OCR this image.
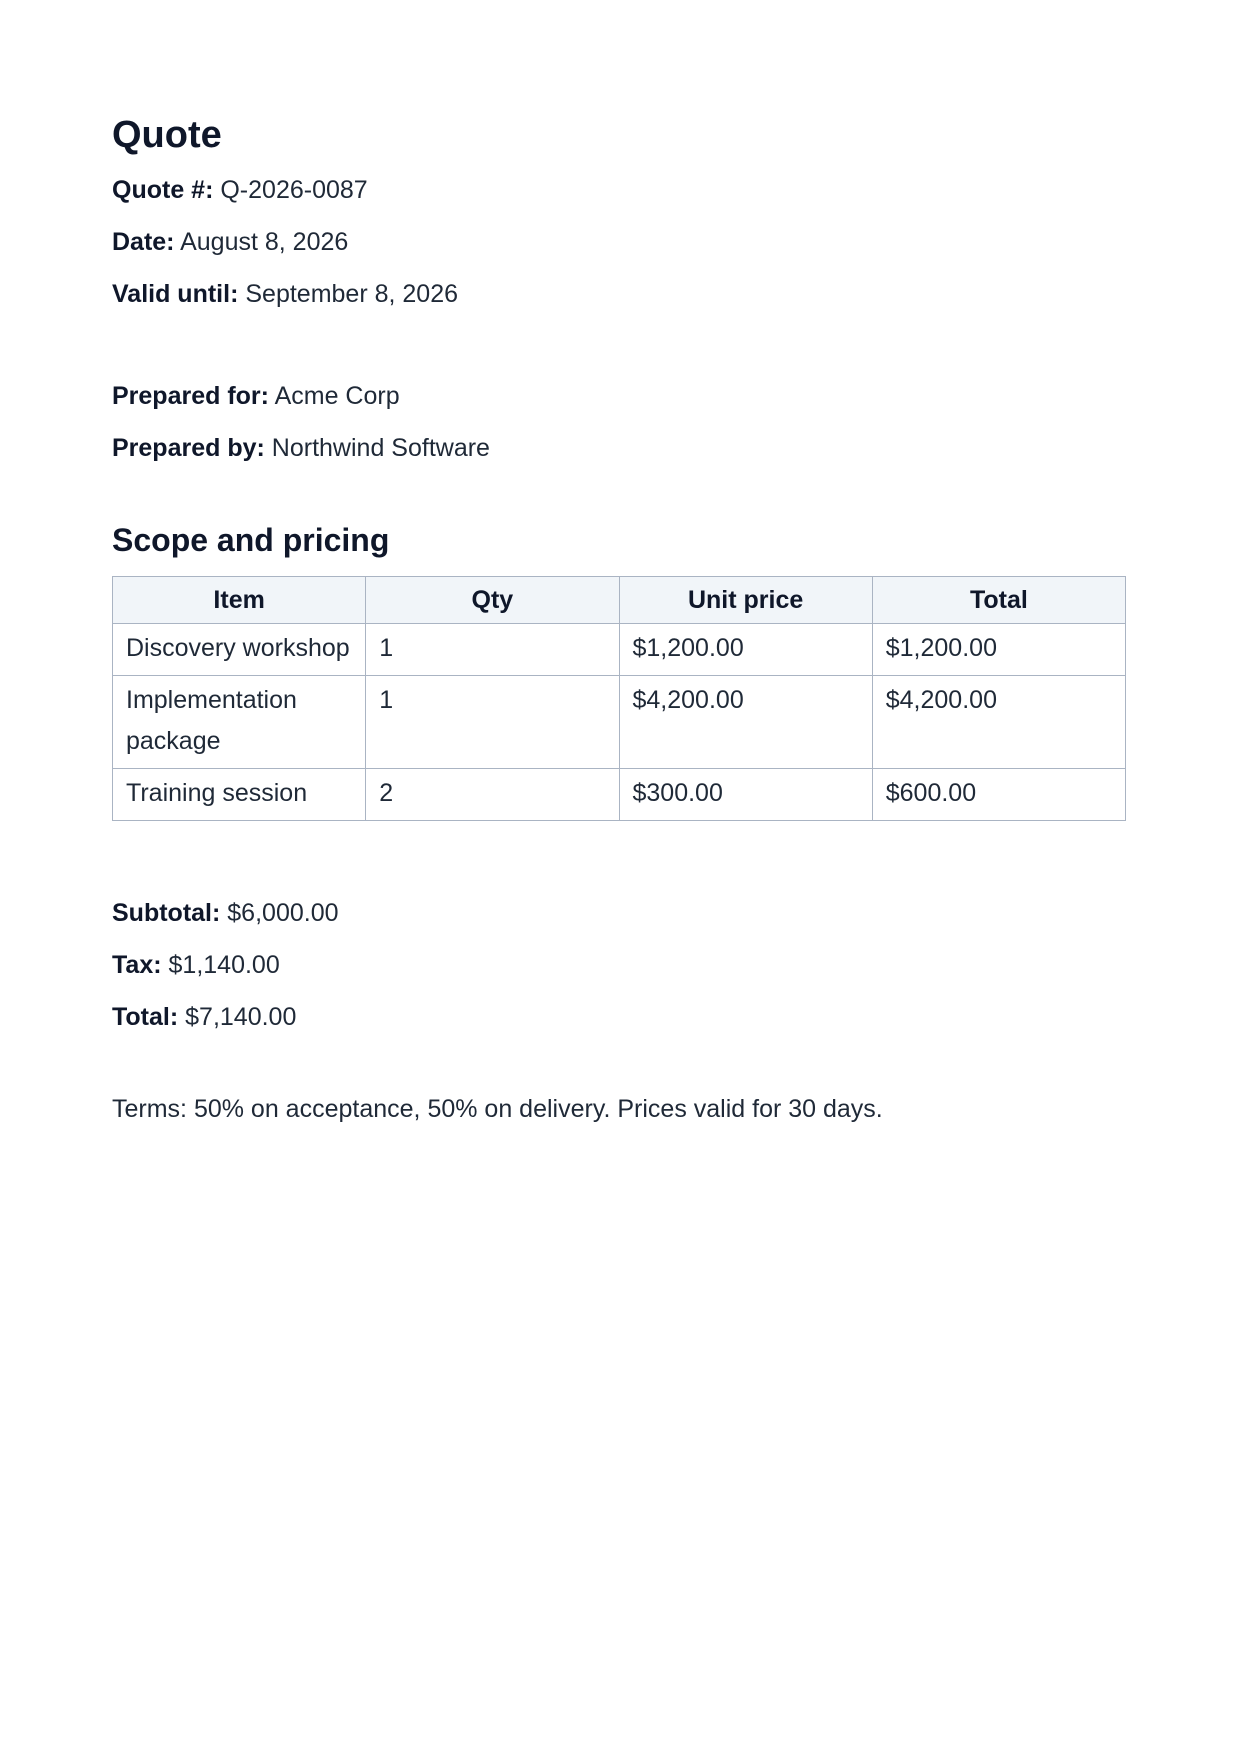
Quote

Quote #: Q-2026-0087

Date: August 8, 2026

Valid until: September 8, 2026

Prepared for: Acme Corp

Prepared by: Northwind Software

Scope and pricing
Item	Qty	Unit price	Total
Discovery workshop	1	$1,200.00	$1,200.00
Implementation package	1	$4,200.00	$4,200.00
Training session	2	$300.00	$600.00

Subtotal: $6,000.00

Tax: $1,140.00

Total: $7,140.00

Terms: 50% on acceptance, 50% on delivery. Prices valid for 30 days.
